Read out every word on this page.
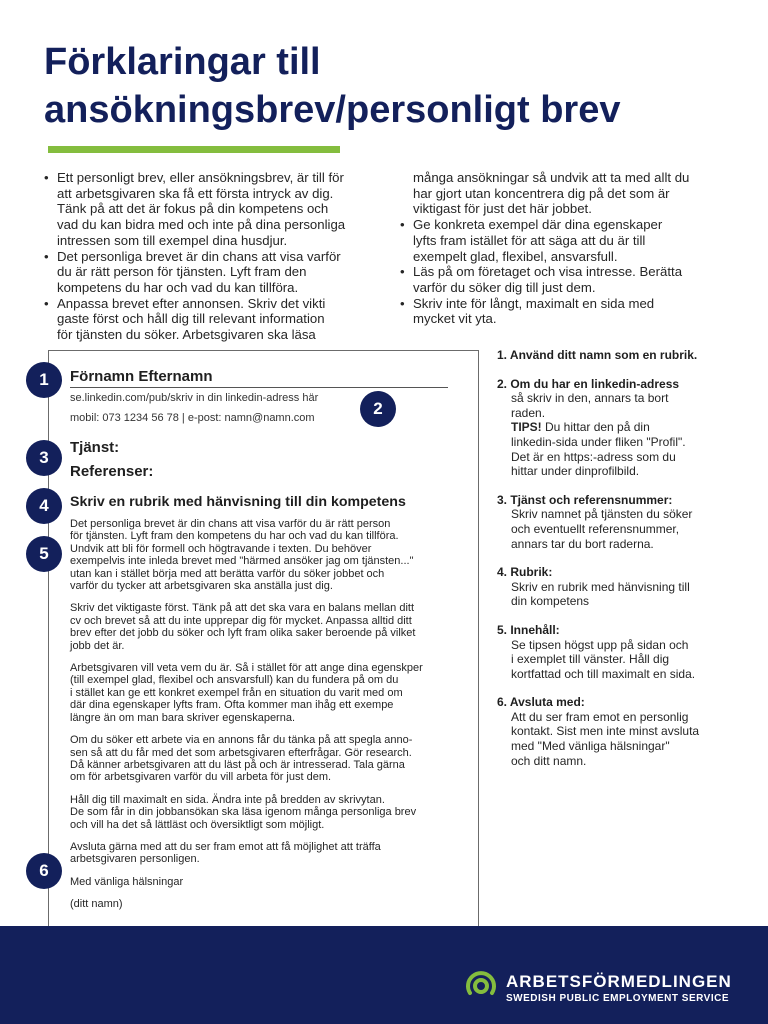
Förklaringar till
ansökningsbrev/personligt brev
• Ett personligt brev, eller ansökningsbrev, är till för
att arbetsgivaren ska få ett första intryck av dig.
Tänk på att det är fokus på din kompetens och
vad du kan bidra med och inte på dina personliga
intressen som till exempel dina husdjur.
• Det personliga brevet är din chans att visa varför
du är rätt person för tjänsten. Lyft fram den
kompetens du har och vad du kan tillföra.
• Anpassa brevet efter annonsen. Skriv det vikti
gaste först och håll dig till relevant information
för tjänsten du söker. Arbetsgivaren ska läsa
många ansökningar så undvik att ta med allt du
har gjort utan koncentrera dig på det som är
viktigast för just det här jobbet.
• Ge konkreta exempel där dina egenskaper
lyfts fram istället för att säga att du är till
exempelt glad, flexibel, ansvarsfull.
• Läs på om företaget och visa intresse. Berätta
varför du söker dig till just dem.
• Skriv inte för långt, maximalt en sida med
mycket vit yta.
1
2
3
4
5
6
Förnamn Efternamn
se.linkedin.com/pub/skriv in din linkedin-adress här
mobil: 073 1234 56 78 | e-post: namn@namn.com
Tjänst:
Referenser:
Skriv en rubrik med hänvisning till din kompetens

Det personliga brevet är din chans att visa varför du är rätt person
för tjänsten. Lyft fram den kompetens du har och vad du kan tillföra.
Undvik att bli för formell och högtravande i texten. Du behöver
exempelvis inte inleda brevet med "härmed ansöker jag om tjänsten..."
utan kan i stället börja med att berätta varför du söker jobbet och
varför du tycker att arbetsgivaren ska anställa just dig.

Skriv det viktigaste först. Tänk på att det ska vara en balans mellan ditt
cv och brevet så att du inte upprepar dig för mycket. Anpassa alltid ditt
brev efter det jobb du söker och lyft fram olika saker beroende på vilket
jobb det är.

Arbetsgivaren vill veta vem du är. Så i stället för att ange dina egenskper
(till exempel glad, flexibel och ansvarsfull) kan du fundera på om du
i stället kan ge ett konkret exempel från en situation du varit med om
där dina egenskaper lyfts fram. Ofta kommer man ihåg ett exempe
längre än om man bara skriver egenskaperna.

Om du söker ett arbete via en annons får du tänka på att spegla anno-
sen så att du får med det som arbetsgivaren efterfrågar. Gör research.
Då känner arbetsgivaren att du läst på och är intresserad. Tala gärna
om för arbetsgivaren varför du vill arbeta för just dem.

Håll dig till maximalt en sida. Ändra inte på bredden av skrivytan.
De som får in din jobbansökan ska läsa igenom många personliga brev
och vill ha det så lättläst och översiktligt som möjligt.

Avsluta gärna med att du ser fram emot att få möjlighet att träffa
arbetsgivaren personligen.

Med vänliga hälsningar

(ditt namn)

1. Använd ditt namn som en rubrik.
2. Om du har en linkedin-adress
så skriv in den, annars ta bort
raden.
TIPS! Du hittar den på din
linkedin-sida under fliken "Profil".
Det är en https:-adress som du
hittar under dinprofilbild.
3. Tjänst och referensnummer:
Skriv namnet på tjänsten du söker
och eventuellt referensnummer,
annars tar du bort raderna.
4. Rubrik:
Skriv en rubrik med hänvisning till
din kompetens
5. Innehåll:
Se tipsen högst upp på sidan och
i exemplet till vänster. Håll dig
kortfattad och till maximalt en sida.
6. Avsluta med:
Att du ser fram emot en personlig
kontakt. Sist men inte minst avsluta
med "Med vänliga hälsningar"
och ditt namn.
ARBETSFÖRMEDLINGEN
SWEDISH PUBLIC EMPLOYMENT SERVICE
